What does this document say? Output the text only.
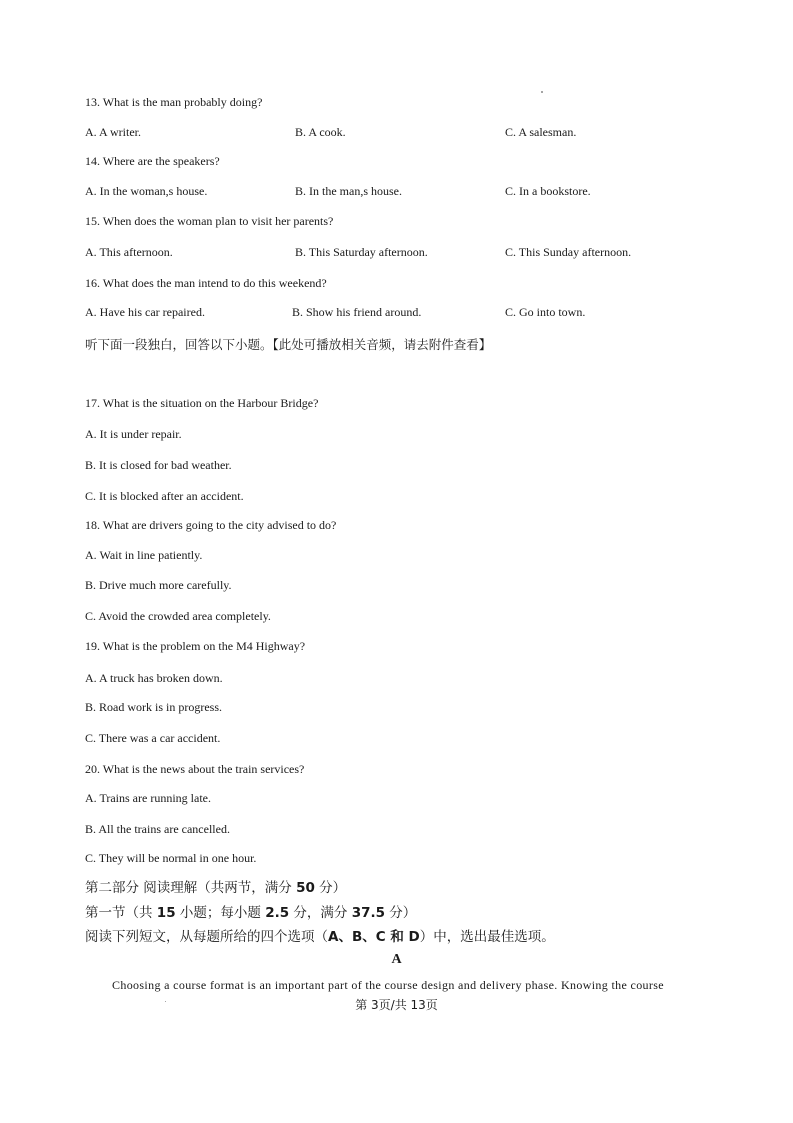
13. What is the man probably doing?
A. A writer.	B. A cook.	C. A salesman.
14. Where are the speakers?
A. In the woman,s house.	B. In the man,s house.	C. In a bookstore.
15. When does the woman plan to visit her parents?
A. This afternoon.	B. This Saturday afternoon.	C. This Sunday afternoon.
16. What does the man intend to do this weekend?
A. Have his car repaired.	B. Show his friend around.	C. Go into town.
听下面一段独白，回答以下小题。【此处可播放相关音频，请去附件查看】
17. What is the situation on the Harbour Bridge?
A. It is under repair.
B. It is closed for bad weather.
C. It is blocked after an accident.
18. What are drivers going to the city advised to do?
A. Wait in line patiently.
B. Drive much more carefully.
C. Avoid the crowded area completely.
19. What is the problem on the M4 Highway?
A. A truck has broken down.
B. Road work is in progress.
C. There was a car accident.
20. What is the news about the train services?
A. Trains are running late.
B. All the trains are cancelled.
C. They will be normal in one hour.
第二部分 阅读理解（共两节，满分 50 分）
第一节（共 15 小题；每小题 2.5 分，满分 37.5 分）
阅读下列短文，从每题所给的四个选项（A、B、C 和 D）中，选出最佳选项。
A
Choosing a course format is an important part of the course design and delivery phase. Knowing the course
第 3页/共 13页
